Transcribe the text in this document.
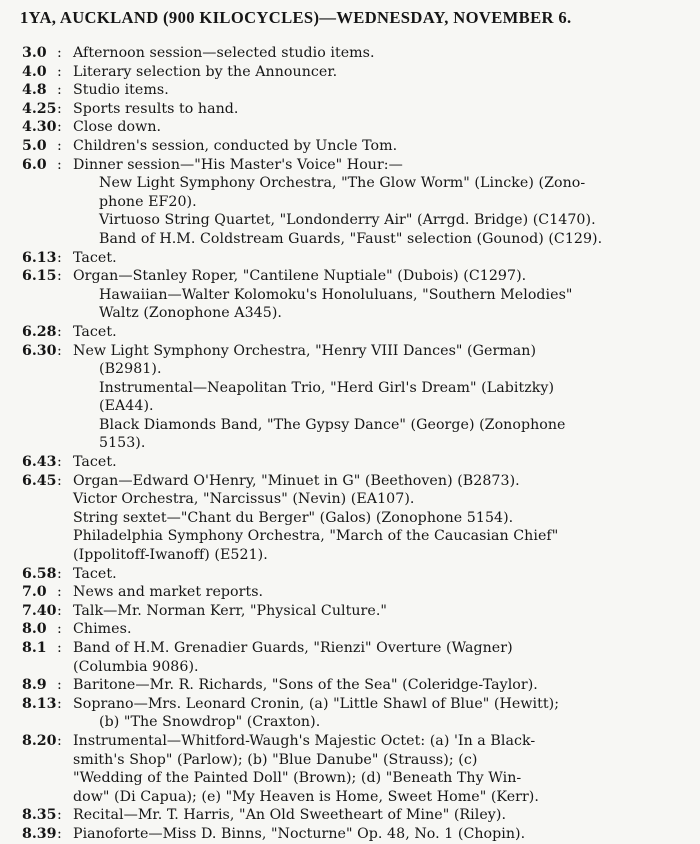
1YA, AUCKLAND (900 KILOCYCLES)—WEDNESDAY, NOVEMBER 6.
3.0 : Afternoon session—selected studio items.
4.0 : Literary selection by the Announcer.
4.8 : Studio items.
4.25 : Sports results to hand.
4.30 : Close down.
5.0 : Children's session, conducted by Uncle Tom.
6.0 : Dinner session—"His Master's Voice" Hour:—
New Light Symphony Orchestra, "The Glow Worm" (Lincke) (Zono-
phone EF20).
Virtuoso String Quartet, "Londonderry Air" (Arrgd. Bridge) (C1470).
Band of H.M. Coldstream Guards, "Faust" selection (Gounod) (C129).
6.13 : Tacet.
6.15 : Organ—Stanley Roper, "Cantilene Nuptiale" (Dubois) (C1297).
Hawaiian—Walter Kolomoku's Honoluluans, "Southern Melodies"
Waltz (Zonophone A345).
6.28 : Tacet.
6.30 : New Light Symphony Orchestra, "Henry VIII Dances" (German)
(B2981).
Instrumental—Neapolitan Trio, "Herd Girl's Dream" (Labitzky)
(EA44).
Black Diamonds Band, "The Gypsy Dance" (George) (Zonophone
5153).
6.43 : Tacet.
6.45 : Organ—Edward O'Henry, "Minuet in G" (Beethoven) (B2873).
Victor Orchestra, "Narcissus" (Nevin) (EA107).
String sextet—"Chant du Berger" (Galos) (Zonophone 5154).
Philadelphia Symphony Orchestra, "March of the Caucasian Chief"
(Ippolitoff-Iwanoff) (E521).
6.58 : Tacet.
7.0 : News and market reports.
7.40 : Talk—Mr. Norman Kerr, "Physical Culture."
8.0 : Chimes.
8.1 : Band of H.M. Grenadier Guards, "Rienzi" Overture (Wagner)
(Columbia 9086).
8.9 : Baritone—Mr. R. Richards, "Sons of the Sea" (Coleridge-Taylor).
8.13 : Soprano—Mrs. Leonard Cronin, (a) "Little Shawl of Blue" (Hewitt);
(b) "The Snowdrop" (Craxton).
8.20 : Instrumental—Whitford-Waugh's Majestic Octet: (a) 'In a Black-
smith's Shop" (Parlow); (b) "Blue Danube" (Strauss); (c)
"Wedding of the Painted Doll" (Brown); (d) "Beneath Thy Win-
dow" (Di Capua); (e) "My Heaven is Home, Sweet Home" (Kerr).
8.35 : Recital—Mr. T. Harris, "An Old Sweetheart of Mine" (Riley).
8.39 : Pianoforte—Miss D. Binns, "Nocturne" Op. 48, No. 1 (Chopin).
